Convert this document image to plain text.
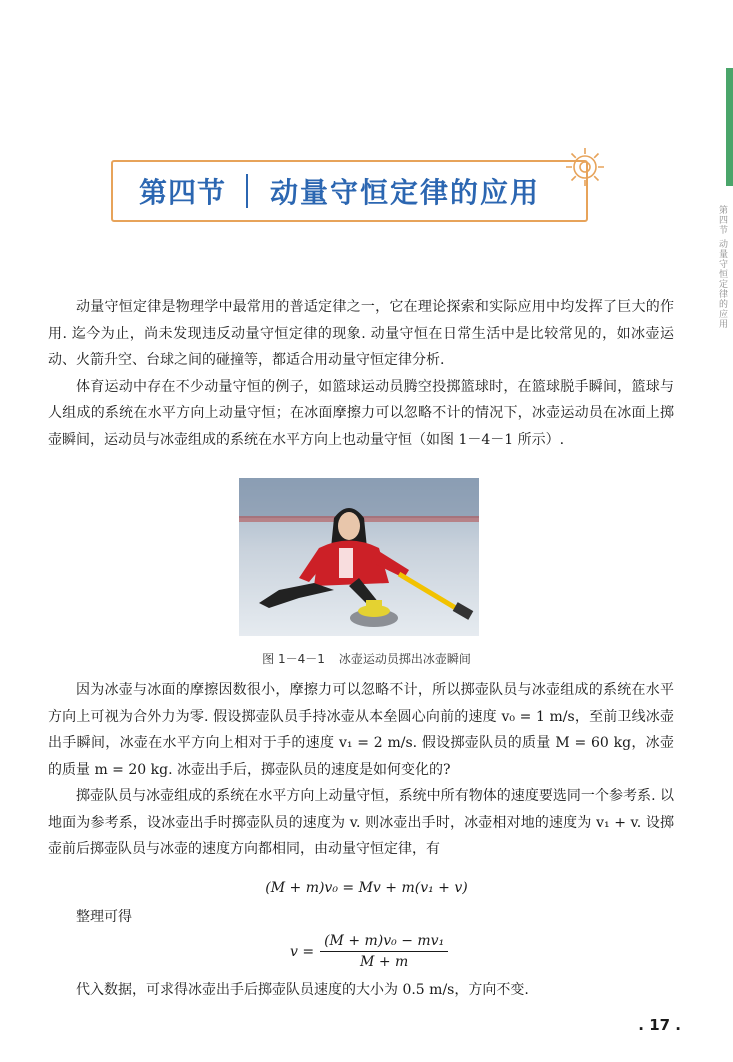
第四节 动量守恒定律的应用
第四节 动量守恒定律的应用

动量守恒定律是物理学中最常用的普适定律之一，它在理论探索和实际应用中均发挥了巨大的作用. 迄今为止，尚未发现违反动量守恒定律的现象. 动量守恒在日常生活中是比较常见的，如冰壶运动、火箭升空、台球之间的碰撞等，都适合用动量守恒定律分析.

体育运动中存在不少动量守恒的例子，如篮球运动员腾空投掷篮球时，在篮球脱手瞬间，篮球与人组成的系统在水平方向上动量守恒；在冰面摩擦力可以忽略不计的情况下，冰壶运动员在冰面上掷壶瞬间，运动员与冰壶组成的系统在水平方向上也动量守恒（如图 1－4－1 所示）.

图 1－4－1 冰壶运动员掷出冰壶瞬间

因为冰壶与冰面的摩擦因数很小，摩擦力可以忽略不计，所以掷壶队员与冰壶组成的系统在水平方向上可视为合外力为零. 假设掷壶队员手持冰壶从本垒圆心向前的速度 v₀ = 1 m/s，至前卫线冰壶出手瞬间，冰壶在水平方向上相对于手的速度 v₁ = 2 m/s. 假设掷壶队员的质量 M = 60 kg，冰壶的质量 m = 20 kg. 冰壶出手后，掷壶队员的速度是如何变化的?

掷壶队员与冰壶组成的系统在水平方向上动量守恒，系统中所有物体的速度要选同一个参考系. 以地面为参考系，设冰壶出手时掷壶队员的速度为 v. 则冰壶出手时，冰壶相对地的速度为 v₁ + v. 设掷壶前后掷壶队员与冰壶的速度方向都相同，由动量守恒定律，有

(M + m)v₀ = Mv + m(v₁ + v)
整理可得
$v = \frac{\text{(M + m)v₀ − mv₁}}{M + m}$
代入数据，可求得冰壶出手后掷壶队员速度的大小为 0.5 m/s，方向不变.
. 17 .
